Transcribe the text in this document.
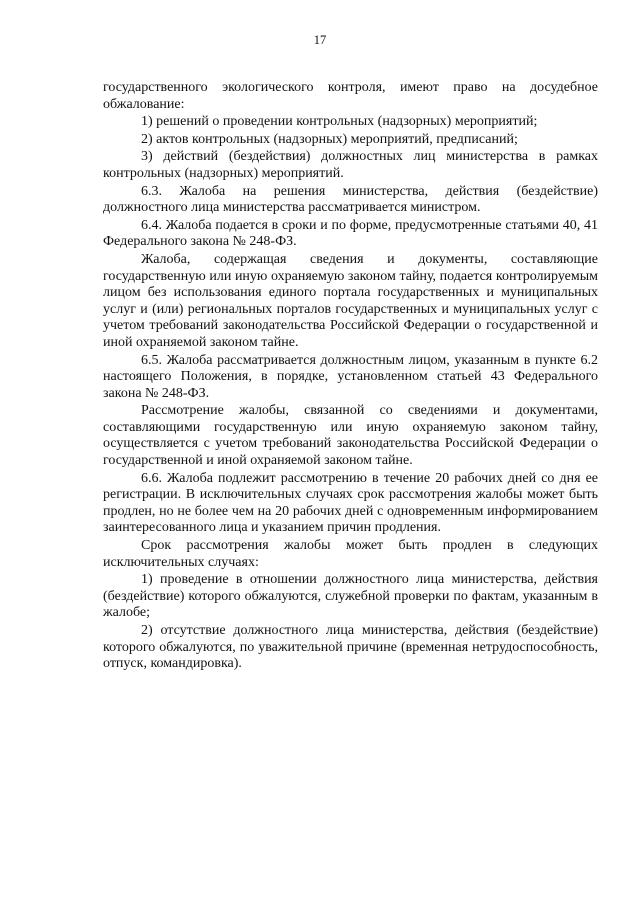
17

государственного экологического контроля, имеют право на досудебное обжалование:

1) решений о проведении контрольных (надзорных) мероприятий;

2) актов контрольных (надзорных) мероприятий, предписаний;

3) действий (бездействия) должностных лиц министерства в рамках контрольных (надзорных) мероприятий.

6.3. Жалоба на решения министерства, действия (бездействие) должностного лица министерства рассматривается министром.

6.4. Жалоба подается в сроки и по форме, предусмотренные статьями 40, 41 Федерального закона № 248-ФЗ.

Жалоба, содержащая сведения и документы, составляющие государственную или иную охраняемую законом тайну, подается контролируемым лицом без использования единого портала государственных и муниципальных услуг и (или) региональных порталов государственных и муниципальных услуг с учетом требований законодательства Российской Федерации о государственной и иной охраняемой законом тайне.

6.5. Жалоба рассматривается должностным лицом, указанным в пункте 6.2 настоящего Положения, в порядке, установленном статьей 43 Федерального закона № 248-ФЗ.

Рассмотрение жалобы, связанной со сведениями и документами, составляющими государственную или иную охраняемую законом тайну, осуществляется с учетом требований законодательства Российской Федерации о государственной и иной охраняемой законом тайне.

6.6. Жалоба подлежит рассмотрению в течение 20 рабочих дней со дня ее регистрации. В исключительных случаях срок рассмотрения жалобы может быть продлен, но не более чем на 20 рабочих дней с одновременным информированием заинтересованного лица и указанием причин продления.

Срок рассмотрения жалобы может быть продлен в следующих исключительных случаях:

1) проведение в отношении должностного лица министерства, действия (бездействие) которого обжалуются, служебной проверки по фактам, указанным в жалобе;

2) отсутствие должностного лица министерства, действия (бездействие) которого обжалуются, по уважительной причине (временная нетрудоспособность, отпуск, командировка).
